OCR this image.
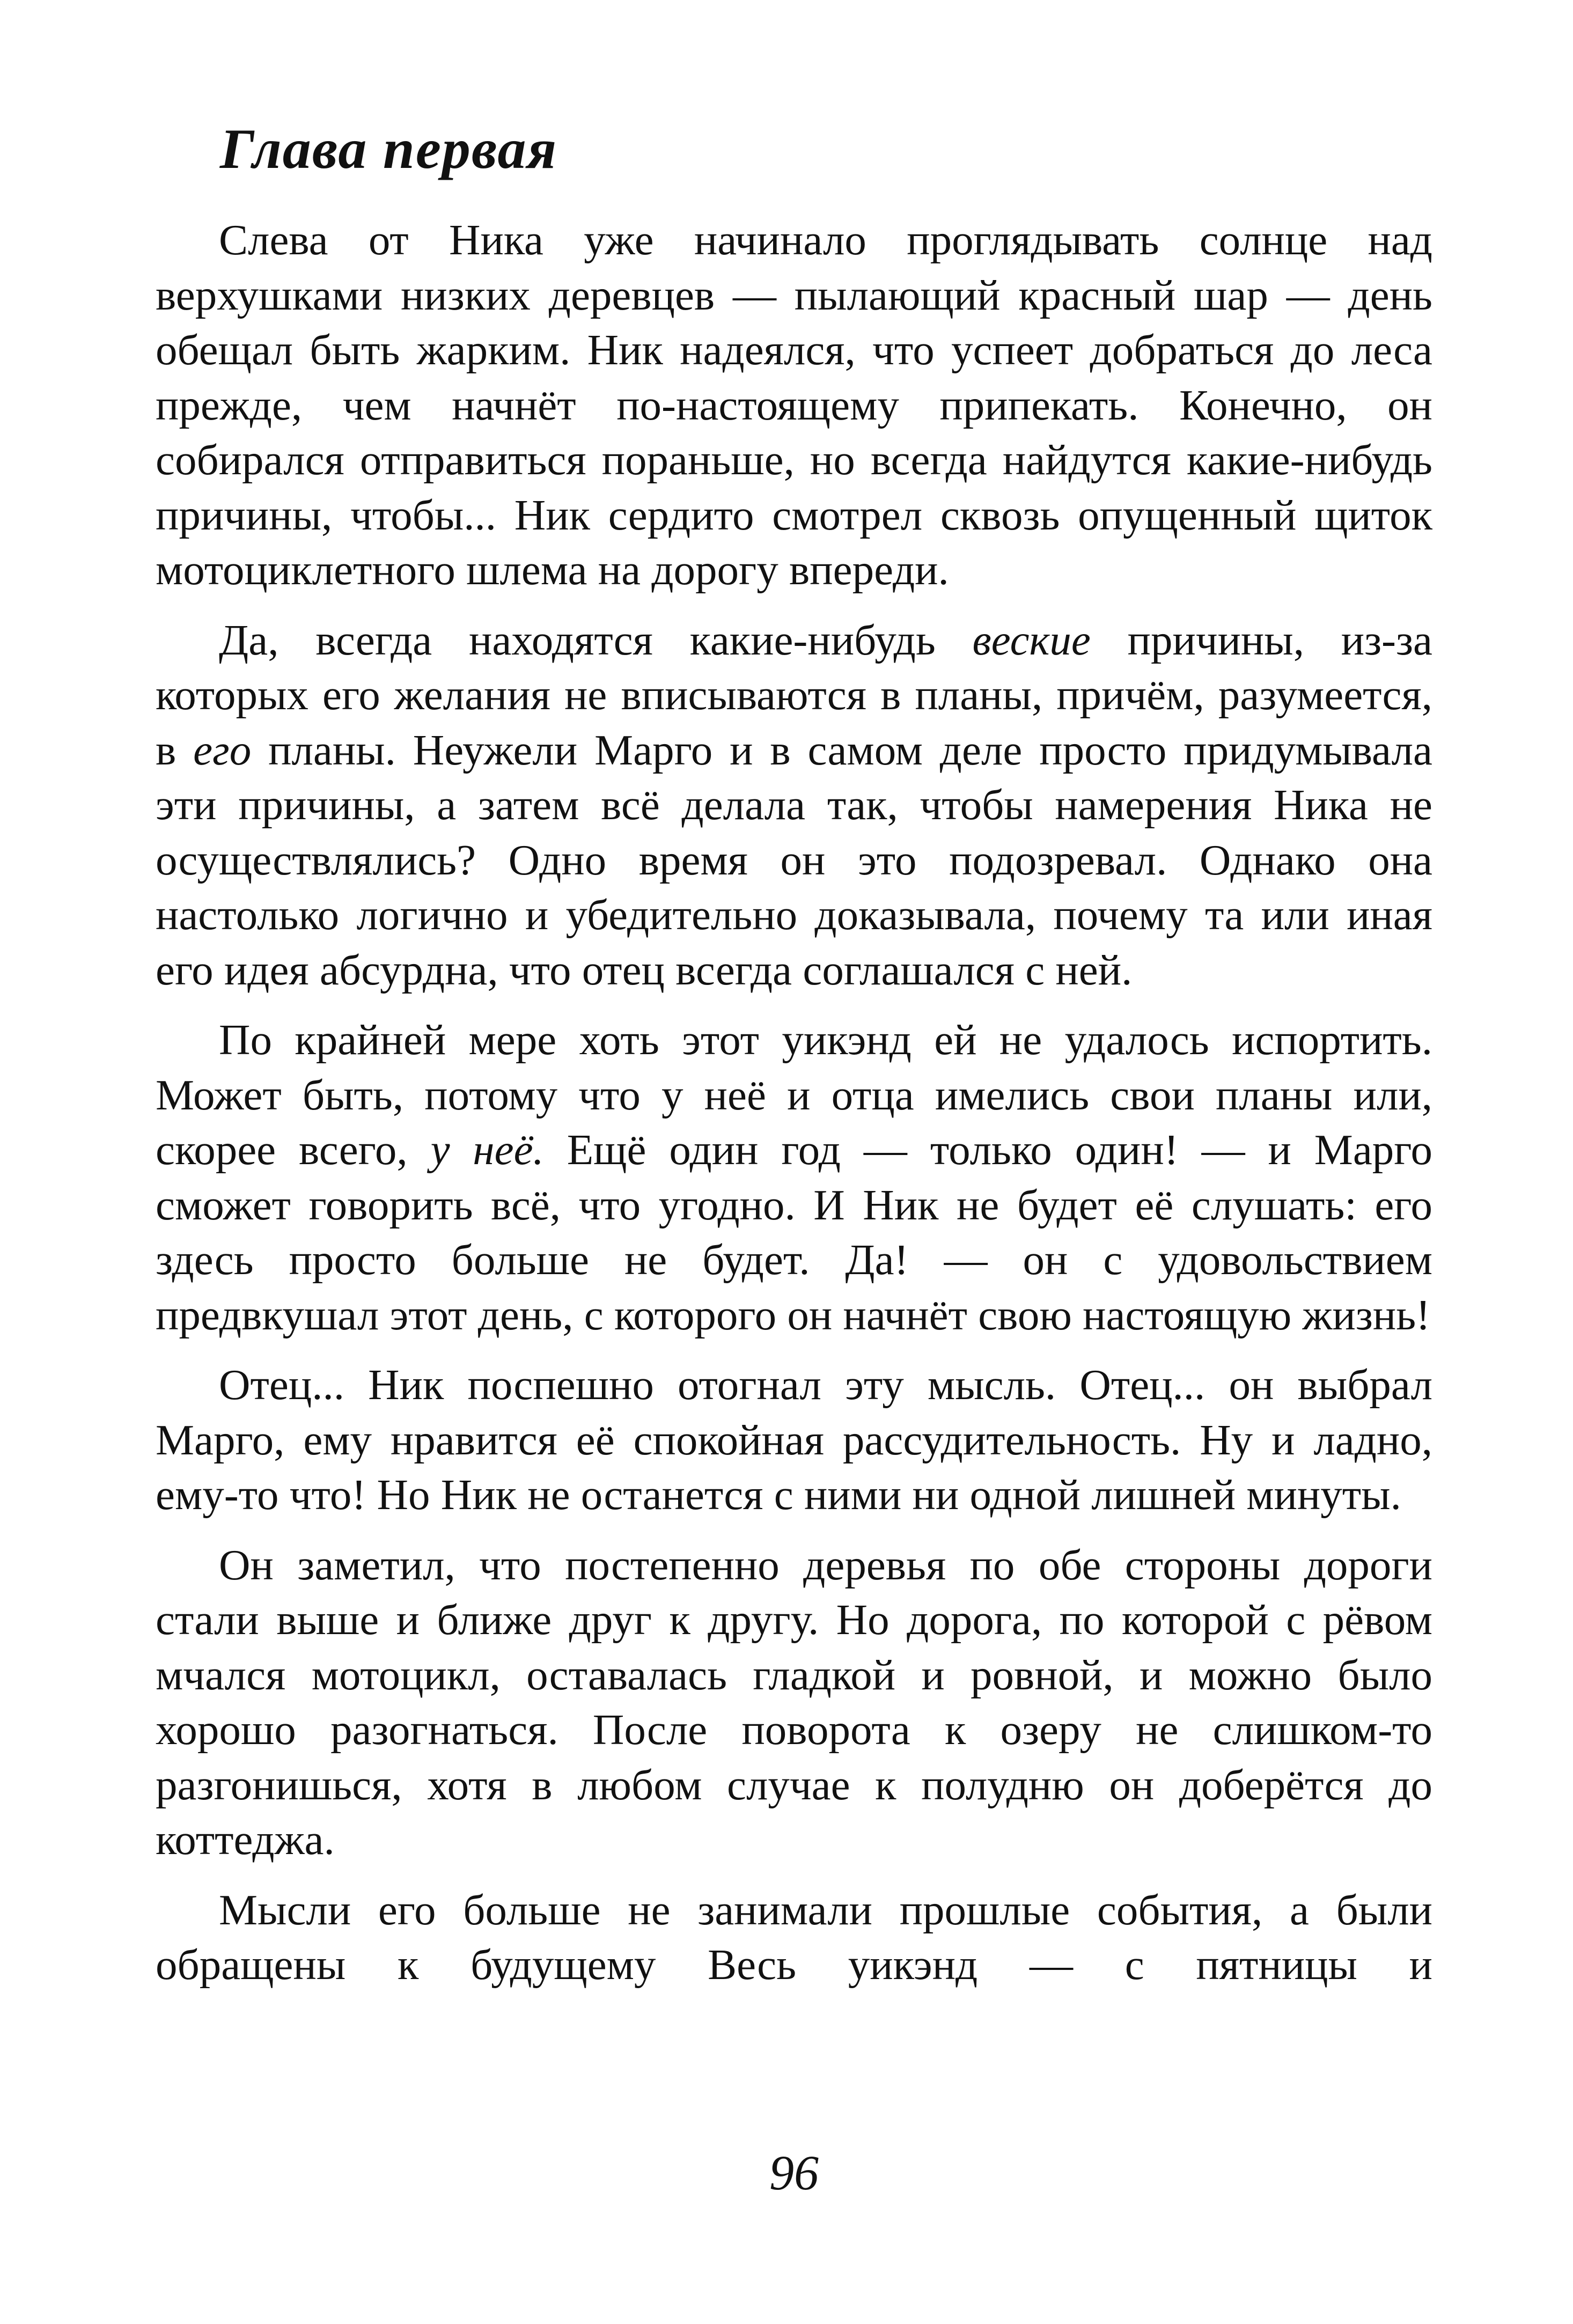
Глава первая

Слева от Ника уже начинало проглядывать солнце над верхушками низких деревцев — пылающий красный шар — день обещал быть жарким. Ник надеялся, что успеет добраться до леса прежде, чем начнёт по-настоящему припекать. Конечно, он собирался отправиться пораньше, но всегда найдутся какие-нибудь причины, чтобы... Ник сердито смотрел сквозь опущенный щиток мотоциклетного шлема на дорогу впереди.

Да, всегда находятся какие-нибудь веские причины, из-за которых его желания не вписываются в планы, причём, разумеется, в его планы. Неужели Марго и в самом деле просто придумывала эти причины, а затем всё делала так, чтобы намерения Ника не осуществлялись? Одно время он это подозревал. Однако она настолько логично и убедительно доказывала, почему та или иная его идея абсурдна, что отец всегда соглашался с ней.

По крайней мере хоть этот уикэнд ей не удалось испортить. Может быть, потому что у неё и отца имелись свои планы или, скорее всего, у неё. Ещё один год — только один! — и Марго сможет говорить всё, что угодно. И Ник не будет её слушать: его здесь просто больше не будет. Да! — он с удовольствием предвкушал этот день, с которого он начнёт свою настоящую жизнь!

Отец... Ник поспешно отогнал эту мысль. Отец... он выбрал Марго, ему нравится её спокойная рассудительность. Ну и ладно, ему-то что! Но Ник не останется с ними ни одной лишней минуты.

Он заметил, что постепенно деревья по обе стороны дороги стали выше и ближе друг к другу. Но дорога, по которой с рёвом мчался мотоцикл, оставалась гладкой и ровной, и можно было хорошо разогнаться. После поворота к озеру не слишком-то разгонишься, хотя в любом случае к полудню он доберётся до коттеджа.

Мысли его больше не занимали прошлые события, а были обращены к будущему Весь уикэнд — с пятницы и

96
